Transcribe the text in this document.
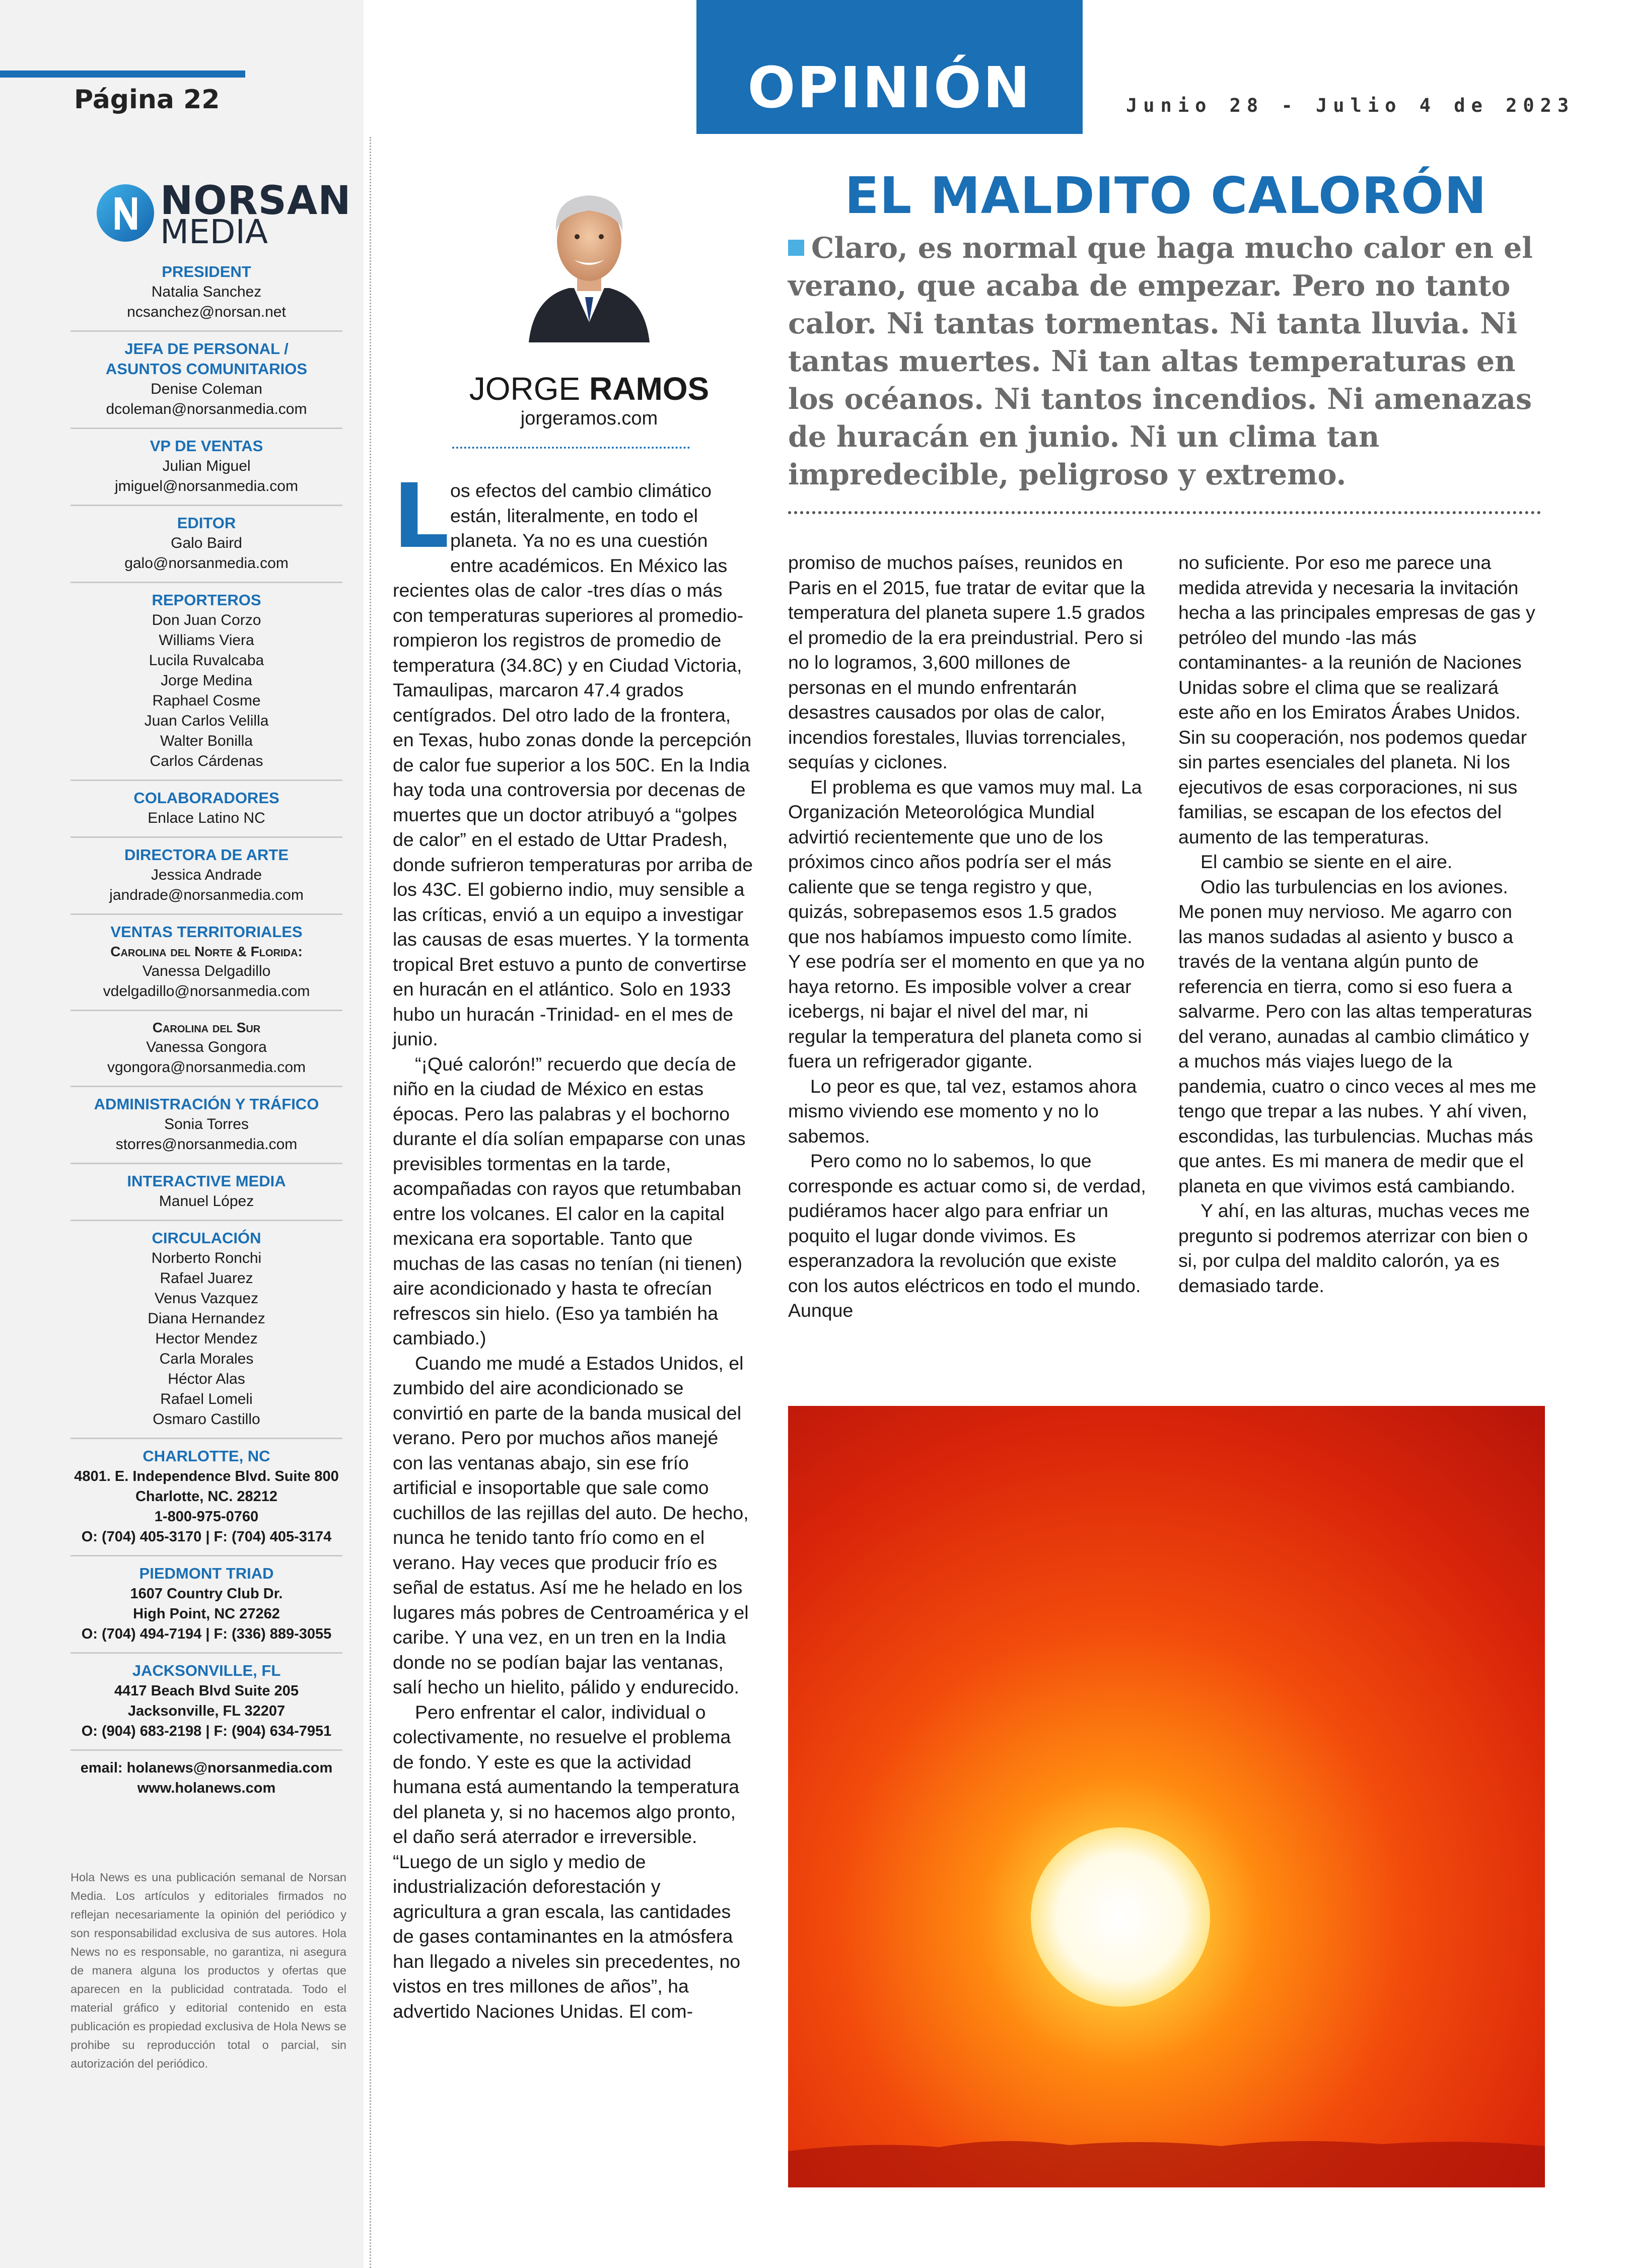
Página 22
NORSAN
MEDIA
PRESIDENT
Natalia Sanchez
ncsanchez@norsan.net
JEFA DE PERSONAL /
ASUNTOS COMUNITARIOS
Denise Coleman
dcoleman@norsanmedia.com
VP DE VENTAS
Julian Miguel
jmiguel@norsanmedia.com
EDITOR
Galo Baird
galo@norsanmedia.com
REPORTEROS
Don Juan Corzo
Williams Viera
Lucila Ruvalcaba
Jorge Medina
Raphael Cosme
Juan Carlos Velilla
Walter Bonilla
Carlos Cárdenas
COLABORADORES
Enlace Latino NC
DIRECTORA DE ARTE
Jessica Andrade
jandrade@norsanmedia.com
VENTAS TERRITORIALES
Carolina del Norte & Florida:
Vanessa Delgadillo
vdelgadillo@norsanmedia.com
Carolina del Sur
Vanessa Gongora
vgongora@norsanmedia.com
ADMINISTRACIÓN Y TRÁFICO
Sonia Torres
storres@norsanmedia.com
INTERACTIVE MEDIA
Manuel López
CIRCULACIÓN
Norberto Ronchi
Rafael Juarez
Venus Vazquez
Diana Hernandez
Hector Mendez
Carla Morales
Héctor Alas
Rafael Lomeli
Osmaro Castillo
CHARLOTTE, NC
4801. E. Independence Blvd. Suite 800
Charlotte, NC. 28212
1-800-975-0760
O: (704) 405-3170 | F: (704) 405-3174
PIEDMONT TRIAD
1607 Country Club Dr.
High Point, NC 27262
O: (704) 494-7194 | F: (336) 889-3055
JACKSONVILLE, FL
4417 Beach Blvd Suite 205
Jacksonville, FL 32207
O: (904) 683-2198 | F: (904) 634-7951
email: holanews@norsanmedia.com
www.holanews.com
Hola News es una publicación semanal de Norsan Media. Los artículos y editoriales firmados no reflejan necesariamente la opinión del periódico y son responsabilidad exclusiva de sus autores. Hola News no es responsable, no garantiza, ni asegura de manera alguna los productos y ofertas que aparecen en la publicidad contratada. Todo el material gráfico y editorial contenido en esta publicación es propiedad exclusiva de Hola News se prohibe su reproducción total o parcial, sin autorización del periódico.
OPINIÓN	Junio 28 - Julio 4 de 2023
JORGE RAMOS
jorgeramos.com
EL MALDITO CALORÓN
Claro, es normal que haga mucho calor en el verano, que acaba de empezar. Pero no tanto calor. Ni tantas tormentas. Ni tanta lluvia. Ni tantas muertes. Ni tan altas temperaturas en los océanos. Ni tantos incendios. Ni amenazas de huracán en junio. Ni un clima tan impredecible, peligroso y extremo.

Los efectos del cambio climático están, literalmente, en todo el planeta. Ya no es una cuestión entre académicos. En México las recientes olas de calor -tres días o más con temperaturas superiores al promedio- rompieron los registros de promedio de temperatura (34.8C) y en Ciudad Victoria, Tamaulipas, marcaron 47.4 grados centígrados. Del otro lado de la frontera, en Texas, hubo zonas donde la percepción de calor fue superior a los 50C. En la India hay toda una controversia por decenas de muertes que un doctor atribuyó a “golpes de calor” en el estado de Uttar Pradesh, donde sufrieron temperaturas por arriba de los 43C. El gobierno indio, muy sensible a las críticas, envió a un equipo a investigar las causas de esas muertes. Y la tormenta tropical Bret estuvo a punto de convertirse en huracán en el atlántico. Solo en 1933 hubo un huracán -Trinidad- en el mes de junio.

“¡Qué calorón!” recuerdo que decía de niño en la ciudad de México en estas épocas. Pero las palabras y el bochorno durante el día solían empaparse con unas previsibles tormentas en la tarde, acompañadas con rayos que retumbaban entre los volcanes. El calor en la capital mexicana era soportable. Tanto que muchas de las casas no tenían (ni tienen) aire acondicionado y hasta te ofrecían refrescos sin hielo. (Eso ya también ha cambiado.)

Cuando me mudé a Estados Unidos, el zumbido del aire acondicionado se convirtió en parte de la banda musical del verano. Pero por muchos años manejé con las ventanas abajo, sin ese frío artificial e insoportable que sale como cuchillos de las rejillas del auto. De hecho, nunca he tenido tanto frío como en el verano. Hay veces que producir frío es señal de estatus. Así me he helado en los lugares más pobres de Centroamérica y el caribe. Y una vez, en un tren en la India donde no se podían bajar las ventanas, salí hecho un hielito, pálido y endurecido.

Pero enfrentar el calor, individual o colectivamente, no resuelve el problema de fondo. Y este es que la actividad humana está aumentando la temperatura del planeta y, si no hacemos algo pronto, el daño será aterrador e irreversible. “Luego de un siglo y medio de industrialización deforestación y agricultura a gran escala, las cantidades de gases contaminantes en la atmósfera han llegado a niveles sin precedentes, no vistos en tres millones de años”, ha advertido Naciones Unidas. El com-

promiso de muchos países, reunidos en Paris en el 2015, fue tratar de evitar que la temperatura del planeta supere 1.5 grados el promedio de la era preindustrial. Pero si no lo logramos, 3,600 millones de personas en el mundo enfrentarán desastres causados por olas de calor, incendios forestales, lluvias torrenciales, sequías y ciclones.

El problema es que vamos muy mal. La Organización Meteorológica Mundial advirtió recientemente que uno de los próximos cinco años podría ser el más caliente que se tenga registro y que, quizás, sobrepasemos esos 1.5 grados que nos habíamos impuesto como límite. Y ese podría ser el momento en que ya no haya retorno. Es imposible volver a crear icebergs, ni bajar el nivel del mar, ni regular la temperatura del planeta como si fuera un refrigerador gigante.

Lo peor es que, tal vez, estamos ahora mismo viviendo ese momento y no lo sabemos.

Pero como no lo sabemos, lo que corresponde es actuar como si, de verdad, pudiéramos hacer algo para enfriar un poquito el lugar donde vivimos. Es esperanzadora la revolución que existe con los autos eléctricos en todo el mundo. Aunque

no suficiente. Por eso me parece una medida atrevida y necesaria la invitación hecha a las principales empresas de gas y petróleo del mundo -las más contaminantes- a la reunión de Naciones Unidas sobre el clima que se realizará este año en los Emiratos Árabes Unidos. Sin su cooperación, nos podemos quedar sin partes esenciales del planeta. Ni los ejecutivos de esas corporaciones, ni sus familias, se escapan de los efectos del aumento de las temperaturas.

El cambio se siente en el aire.

Odio las turbulencias en los aviones. Me ponen muy nervioso. Me agarro con las manos sudadas al asiento y busco a través de la ventana algún punto de referencia en tierra, como si eso fuera a salvarme. Pero con las altas temperaturas del verano, aunadas al cambio climático y a muchos más viajes luego de la pandemia, cuatro o cinco veces al mes me tengo que trepar a las nubes. Y ahí viven, escondidas, las turbulencias. Muchas más que antes. Es mi manera de medir que el planeta en que vivimos está cambiando.

Y ahí, en las alturas, muchas veces me pregunto si podremos aterrizar con bien o si, por culpa del maldito calorón, ya es demasiado tarde.
